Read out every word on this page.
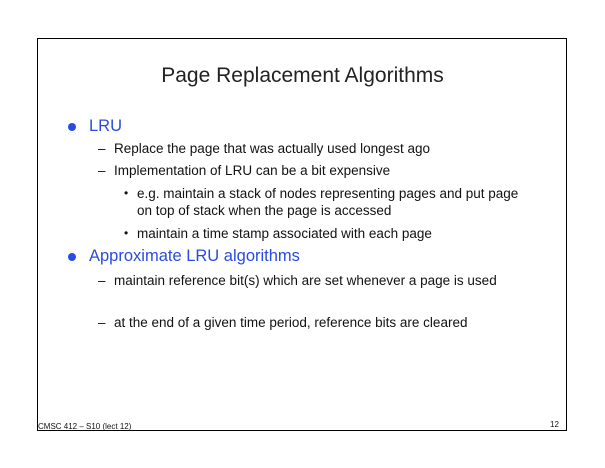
Page Replacement Algorithms
LRU
– Replace the page that was actually used longest ago
– Implementation of LRU can be a bit expensive
• e.g. maintain a stack of nodes representing pages and put page on top of stack when the page is accessed
• maintain a time stamp associated with each page
Approximate LRU algorithms
– maintain reference bit(s) which are set whenever a page is used
– at the end of a given time period, reference bits are cleared
CMSC 412 – S10 (lect 12)	12
